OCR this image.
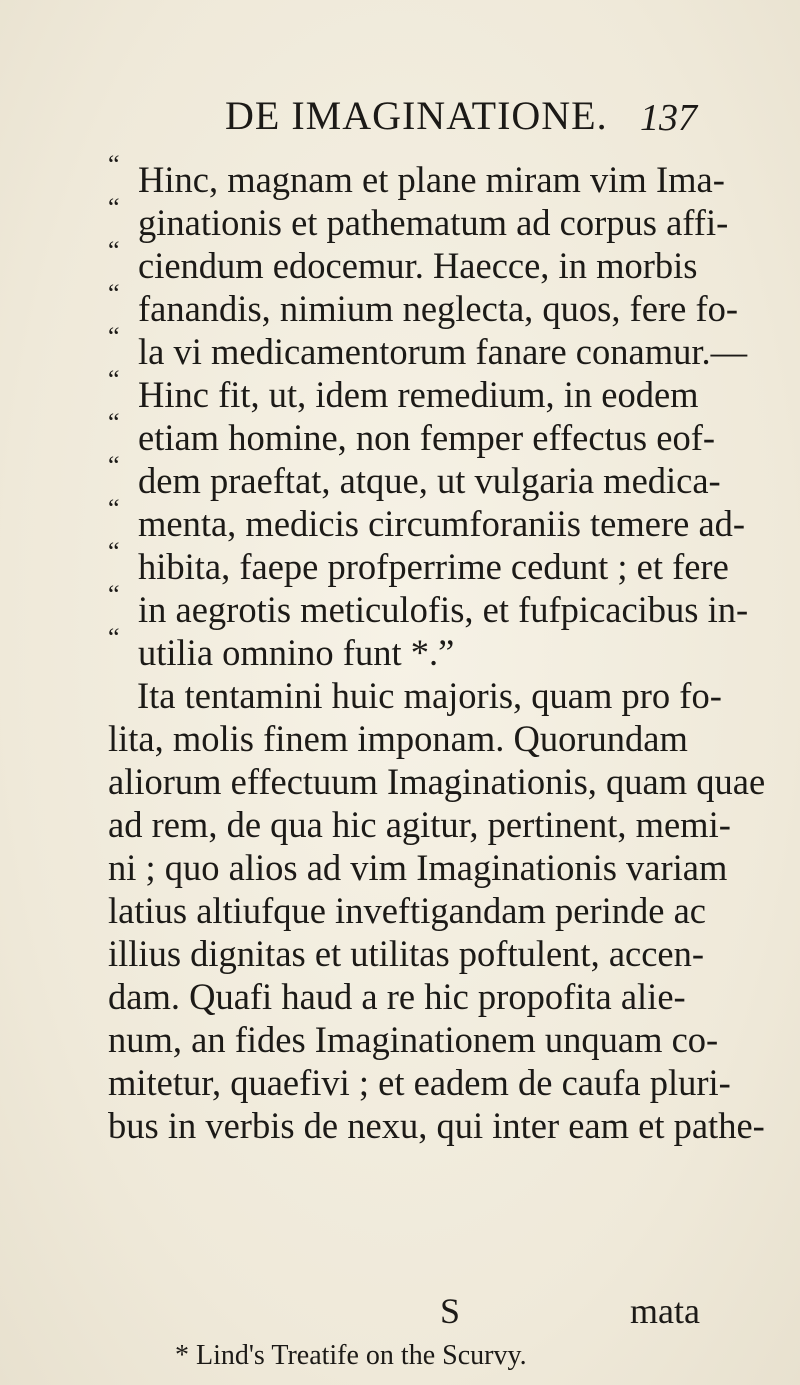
DE IMAGINATIONE. 137
“ Hinc, magnam et plane miram vim Ima-
“ ginationis et pathematum ad corpus affi-
“ ciendum edocemur. Haecce, in morbis
“ fanandis, nimium neglecta, quos, fere fo-
“ la vi medicamentorum fanare conamur.—
“ Hinc fit, ut, idem remedium, in eodem
“ etiam homine, non femper effectus eof-
“ dem praeftat, atque, ut vulgaria medica-
“ menta, medicis circumforaniis temere ad-
“ hibita, faepe profperrime cedunt ; et fere
“ in aegrotis meticulofis, et fufpicacibus in-
“ utilia omnino funt *.”
Ita tentamini huic majoris, quam pro fo-
lita, molis finem imponam. Quorundam
aliorum effectuum Imaginationis, quam quae
ad rem, de qua hic agitur, pertinent, memi-
ni ; quo alios ad vim Imaginationis variam
latius altiufque inveftigandam perinde ac
illius dignitas et utilitas poftulent, accen-
dam. Quafi haud a re hic propofita alie-
num, an fides Imaginationem unquam co-
mitetur, quaefivi ; et eadem de caufa pluri-
bus in verbis de nexu, qui inter eam et pathe-
S	mata
* Lind's Treatife on the Scurvy.
